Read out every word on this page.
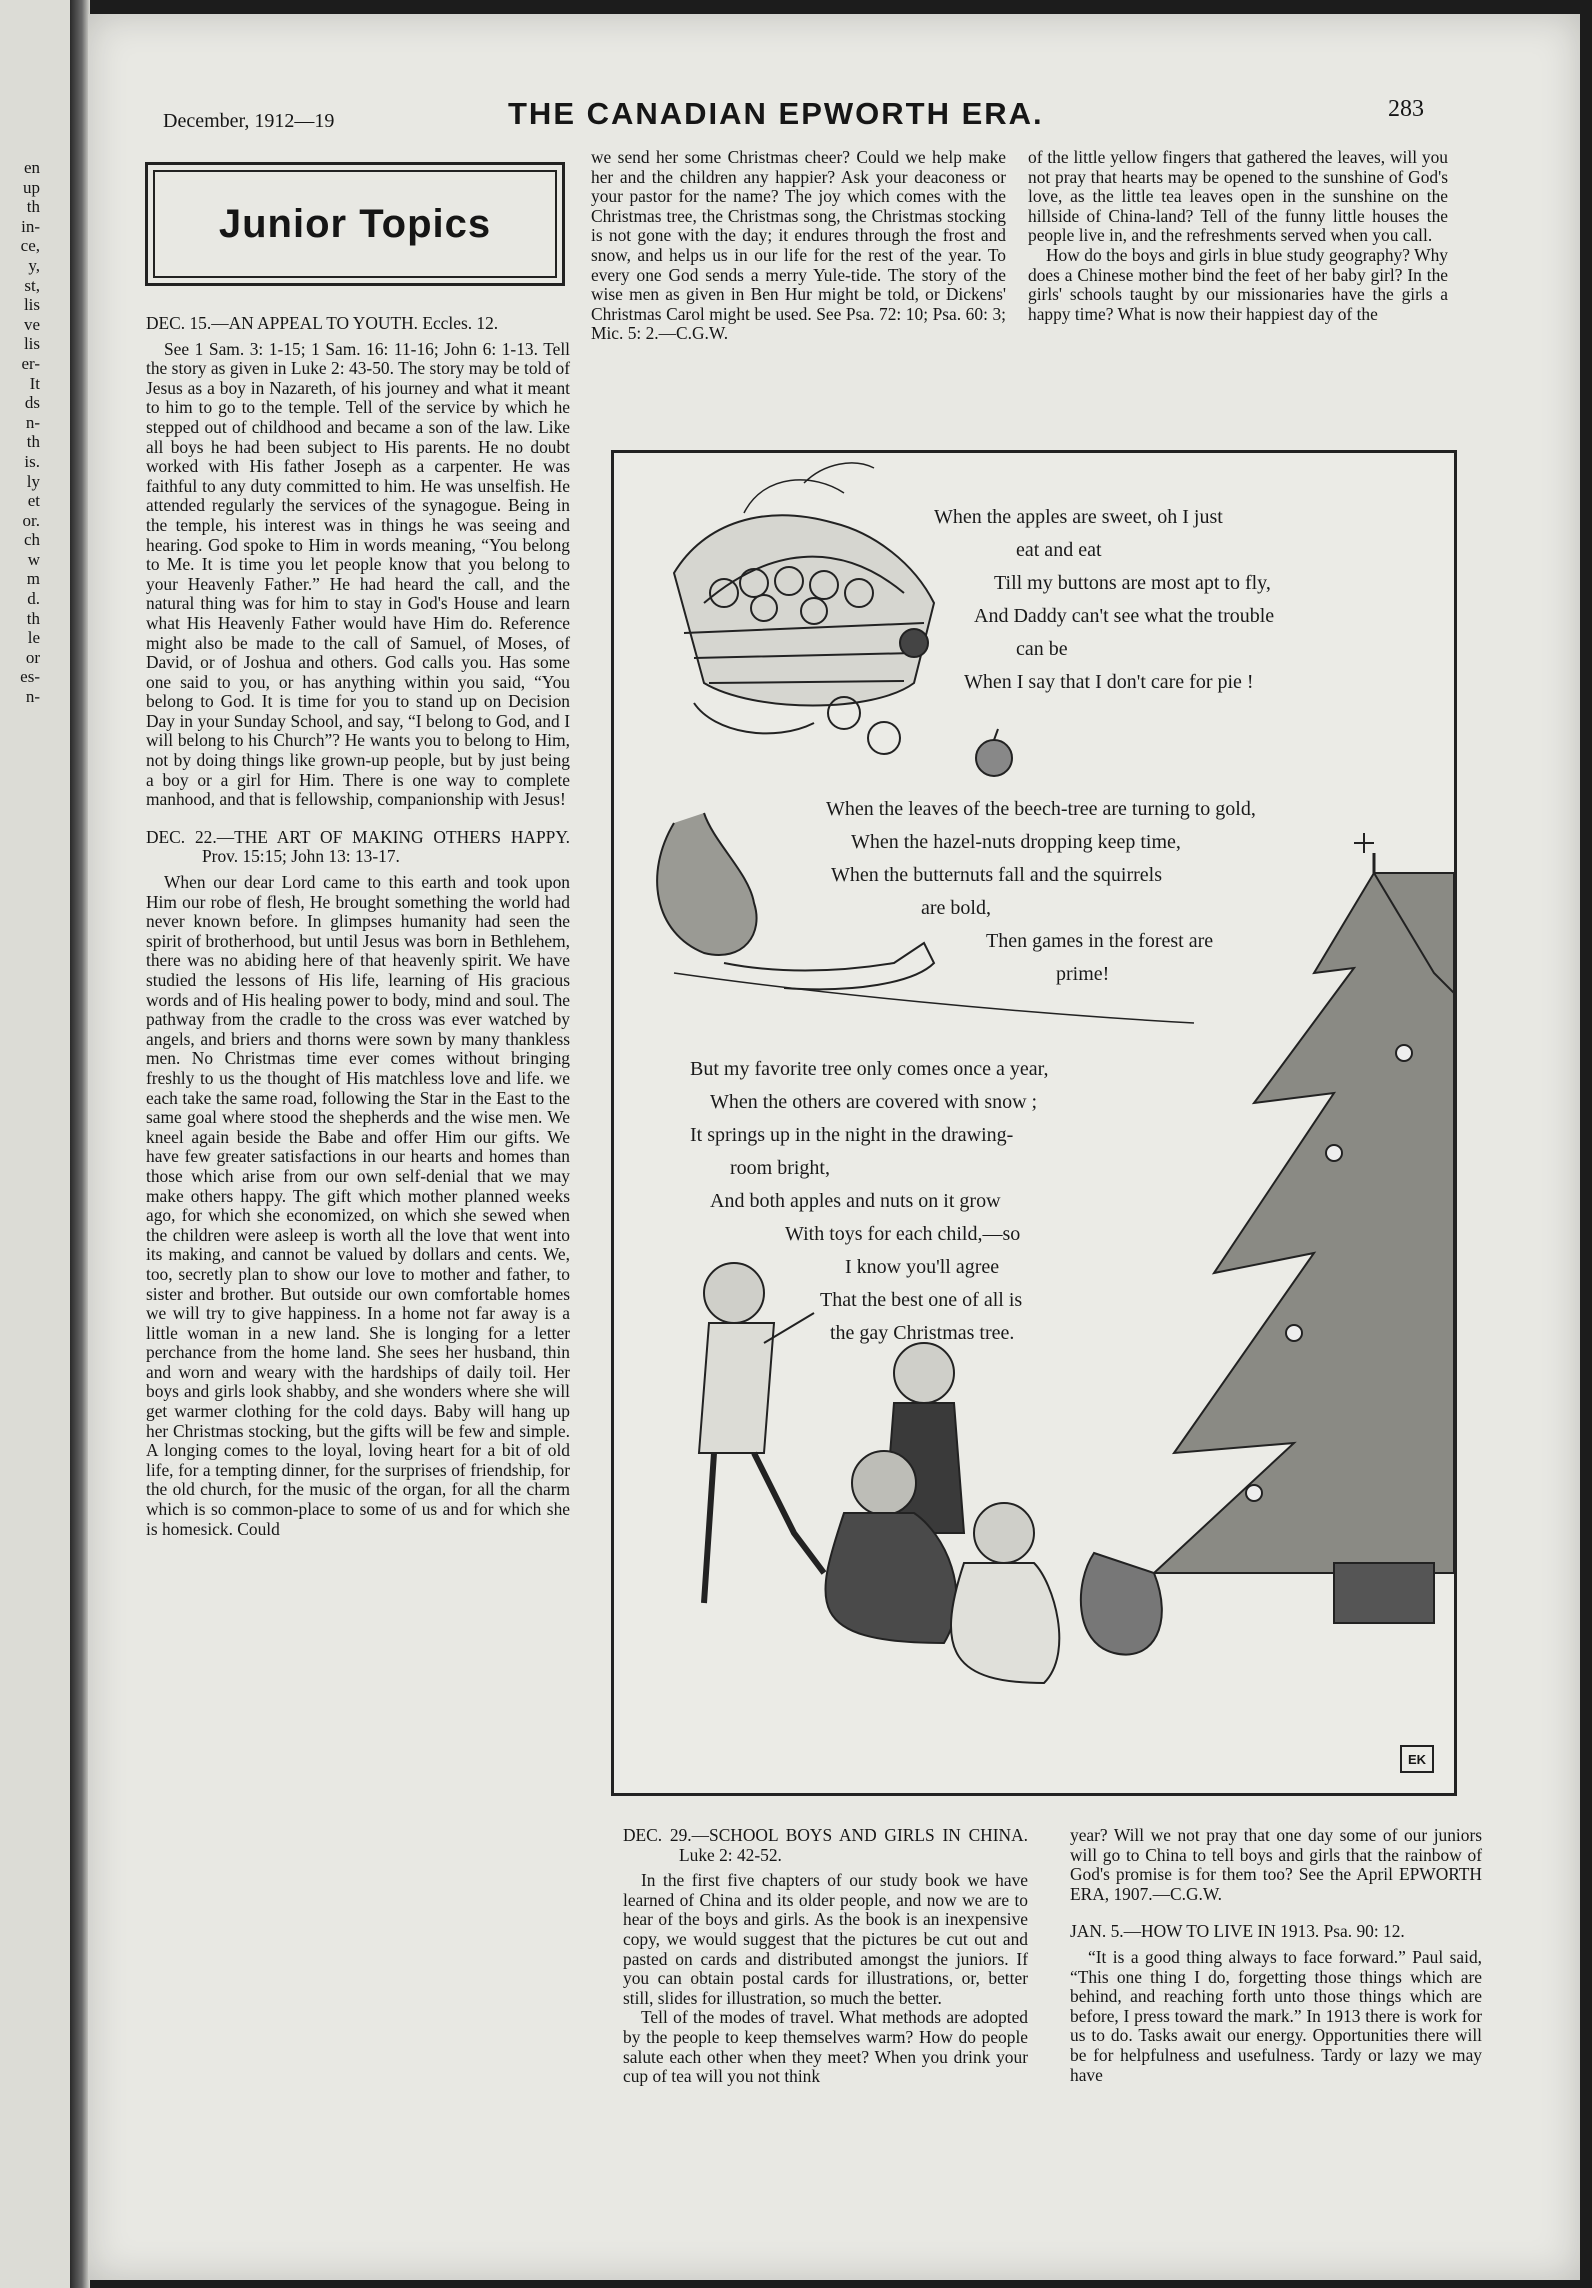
en
up
th
in-
ce,
y,
st,
lis
ve
lis
er-
It
ds
n-
th
is.
ly
et
or.
ch
w
m
d.
th
le
or
es-
n-
December, 1912—19	THE CANADIAN EPWORTH ERA.	283
Junior Topics

DEC. 15.—AN APPEAL TO YOUTH. Eccles. 12.

See 1 Sam. 3: 1-15; 1 Sam. 16: 11-16; John 6: 1-13. Tell the story as given in Luke 2: 43-50. The story may be told of Jesus as a boy in Nazareth, of his journey and what it meant to him to go to the temple. Tell of the service by which he stepped out of childhood and became a son of the law. Like all boys he had been subject to His parents. He no doubt worked with His father Joseph as a carpenter. He was faithful to any duty committed to him. He was unselfish. He attended regularly the services of the synagogue. Being in the temple, his interest was in things he was seeing and hearing. God spoke to Him in words meaning, “You belong to Me. It is time you let people know that you belong to your Heavenly Father.” He had heard the call, and the natural thing was for him to stay in God's House and learn what His Heavenly Father would have Him do. Reference might also be made to the call of Samuel, of Moses, of David, or of Joshua and others. God calls you. Has some one said to you, or has anything within you said, “You belong to God. It is time for you to stand up on Decision Day in your Sunday School, and say, “I belong to God, and I will belong to his Church”? He wants you to belong to Him, not by doing things like grown-up people, but by just being a boy or a girl for Him. There is one way to complete manhood, and that is fellowship, companionship with Jesus!

DEC. 22.—THE ART OF MAKING OTHERS HAPPY. Prov. 15:15; John 13: 13-17.

When our dear Lord came to this earth and took upon Him our robe of flesh, He brought something the world had never known before. In glimpses humanity had seen the spirit of brotherhood, but until Jesus was born in Bethlehem, there was no abiding here of that heavenly spirit. We have studied the lessons of His life, learning of His gracious words and of His healing power to body, mind and soul. The pathway from the cradle to the cross was ever watched by angels, and briers and thorns were sown by many thankless men. No Christmas time ever comes without bringing freshly to us the thought of His matchless love and life. we each take the same road, following the Star in the East to the same goal where stood the shepherds and the wise men. We kneel again beside the Babe and offer Him our gifts. We have few greater satisfactions in our hearts and homes than those which arise from our own self-denial that we may make others happy. The gift which mother planned weeks ago, for which she economized, on which she sewed when the children were asleep is worth all the love that went into its making, and cannot be valued by dollars and cents. We, too, secretly plan to show our love to mother and father, to sister and brother. But outside our own comfortable homes we will try to give happiness. In a home not far away is a little woman in a new land. She is longing for a letter perchance from the home land. She sees her husband, thin and worn and weary with the hardships of daily toil. Her boys and girls look shabby, and she wonders where she will get warmer clothing for the cold days. Baby will hang up her Christmas stocking, but the gifts will be few and simple. A longing comes to the loyal, loving heart for a bit of old life, for a tempting dinner, for the surprises of friendship, for the old church, for the music of the organ, for all the charm which is so common-place to some of us and for which she is homesick. Could

we send her some Christmas cheer? Could we help make her and the children any happier? Ask your deaconess or your pastor for the name? The joy which comes with the Christmas tree, the Christmas song, the Christmas stocking is not gone with the day; it endures through the frost and snow, and helps us in our life for the rest of the year. To every one God sends a merry Yule-tide. The story of the wise men as given in Ben Hur might be told, or Dickens' Christmas Carol might be used. See Psa. 72: 10; Psa. 60: 3; Mic. 5: 2.—C.G.W.

of the little yellow fingers that gathered the leaves, will you not pray that hearts may be opened to the sunshine of God's love, as the little tea leaves open in the sunshine on the hillside of China-land? Tell of the funny little houses the people live in, and the refreshments served when you call.

How do the boys and girls in blue study geography? Why does a Chinese mother bind the feet of her baby girl? In the girls' schools taught by our missionaries have the girls a happy time? What is now their happiest day of the

When the apples are sweet, oh I just
eat and eat
Till my buttons are most apt to fly,
And Daddy can't see what the trouble
can be
When I say that I don't care for pie !
When the leaves of the beech-tree are turning to gold,
When the hazel-nuts dropping keep time,
When the butternuts fall and the squirrels
are bold,
Then games in the forest are
prime!
But my favorite tree only comes once a year,
When the others are covered with snow ;
It springs up in the night in the drawing-
room bright,
And both apples and nuts on it grow
With toys for each child,—so
I know you'll agree
That the best one of all is
the gay Christmas tree.
EK

DEC. 29.—SCHOOL BOYS AND GIRLS IN CHINA. Luke 2: 42-52.

In the first five chapters of our study book we have learned of China and its older people, and now we are to hear of the boys and girls. As the book is an inexpensive copy, we would suggest that the pictures be cut out and pasted on cards and distributed amongst the juniors. If you can obtain postal cards for illustrations, or, better still, slides for illustration, so much the better.

Tell of the modes of travel. What methods are adopted by the people to keep themselves warm? How do people salute each other when they meet? When you drink your cup of tea will you not think

year? Will we not pray that one day some of our juniors will go to China to tell boys and girls that the rainbow of God's promise is for them too? See the April EPWORTH ERA, 1907.—C.G.W.

JAN. 5.—HOW TO LIVE IN 1913. Psa. 90: 12.

“It is a good thing always to face forward.” Paul said, “This one thing I do, forgetting those things which are behind, and reaching forth unto those things which are before, I press toward the mark.” In 1913 there is work for us to do. Tasks await our energy. Opportunities there will be for helpfulness and usefulness. Tardy or lazy we may have
